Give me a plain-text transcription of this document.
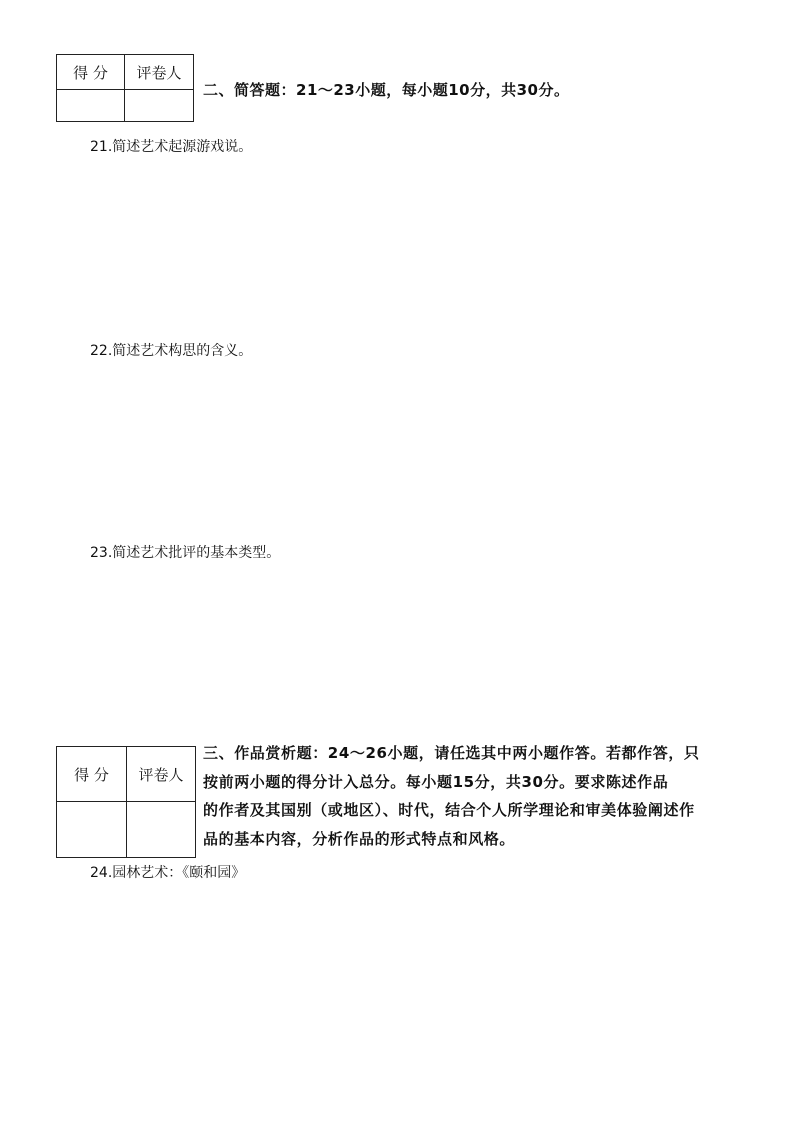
得 分	评卷人
二、简答题：21～23小题，每小题10分，共30分。
21.简述艺术起源游戏说。
22.简述艺术构思的含义。
23.简述艺术批评的基本类型。
得 分	评卷人

三、作品赏析题：24～26小题，请任选其中两小题作答。若都作答，只

按前两小题的得分计入总分。每小题15分，共30分。要求陈述作品

的作者及其国别（或地区）、时代，结合个人所学理论和审美体验阐述作

品的基本内容，分析作品的形式特点和风格。

24.园林艺术：《颐和园》
